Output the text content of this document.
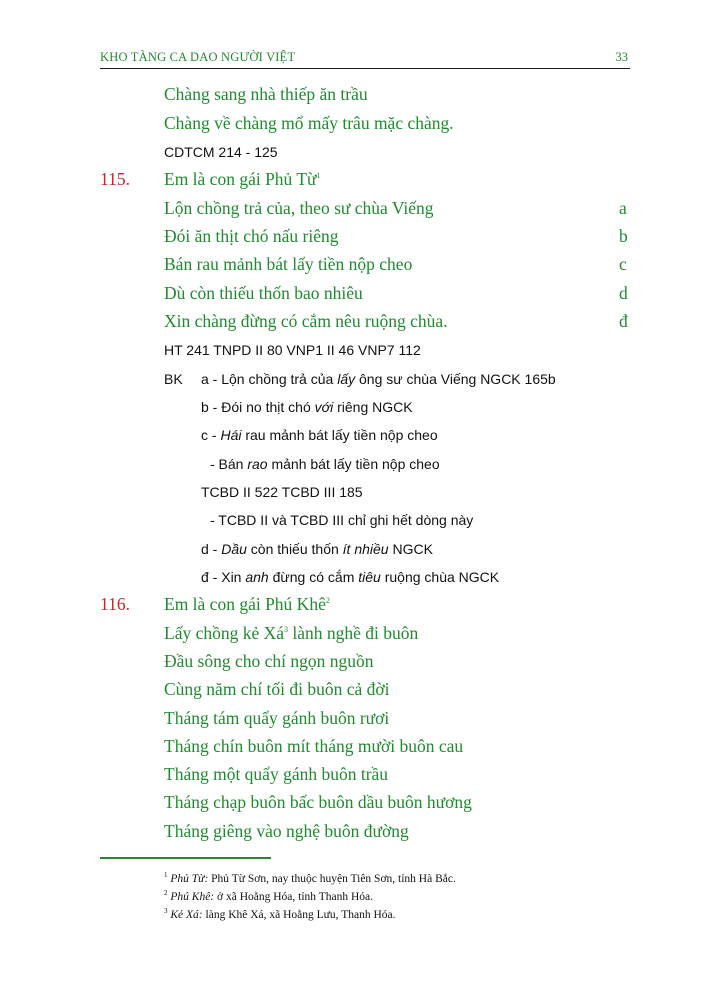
KHO TÀNG CA DAO NGƯỜI VIỆT	33
Chàng sang nhà thiếp ăn trầu
Chàng về chàng mổ mấy trâu mặc chàng.
CDTCM 214 - 125
115. Em là con gái Phủ Từ$^1$
Lộn chồng trả của, theo sư chùa Viếng	a
Đói ăn thịt chó nấu riêng	b
Bán rau mảnh bát lấy tiền nộp cheo	c
Dù còn thiếu thốn bao nhiêu	d
Xin chàng đừng có cắm nêu ruộng chùa.	đ
HT 241 TNPD II 80 VNP1 II 46 VNP7 112
BK a - Lộn chồng trả của lấy ông sư chùa Viếng NGCK 165b
b - Đói no thịt chó với riêng NGCK
c - Hái rau mảnh bát lấy tiền nộp cheo
- Bán rao mảnh bát lấy tiền nộp cheo
TCBD II 522 TCBD III 185
- TCBD II và TCBD III chỉ ghi hết dòng này
d - Dầu còn thiếu thốn ít nhiều NGCK
đ - Xin anh đừng có cắm tiêu ruộng chùa NGCK
116. Em là con gái Phú Khê$^2$
Lấy chồng kẻ $Xá^3$ lành nghề đi buôn
Đầu sông cho chí ngọn nguồn
Cùng năm chí tối đi buôn cả đời
Tháng tám quẩy gánh buôn rươi
Tháng chín buôn mít tháng mười buôn cau
Tháng một quẩy gánh buôn trầu
Tháng chạp buôn bấc buôn dầu buôn hương
Tháng giêng vào nghệ buôn đường
$^1$ Phủ Từ: Phủ Từ Sơn, nay thuộc huyện Tiên Sơn, tỉnh Hà Bắc.
$^2$ Phú Khê: ở xã Hoằng Hóa, tỉnh Thanh Hóa.
$^3$ Kẻ Xá: làng Khê Xá, xã Hoằng Lưu, Thanh Hóa.
